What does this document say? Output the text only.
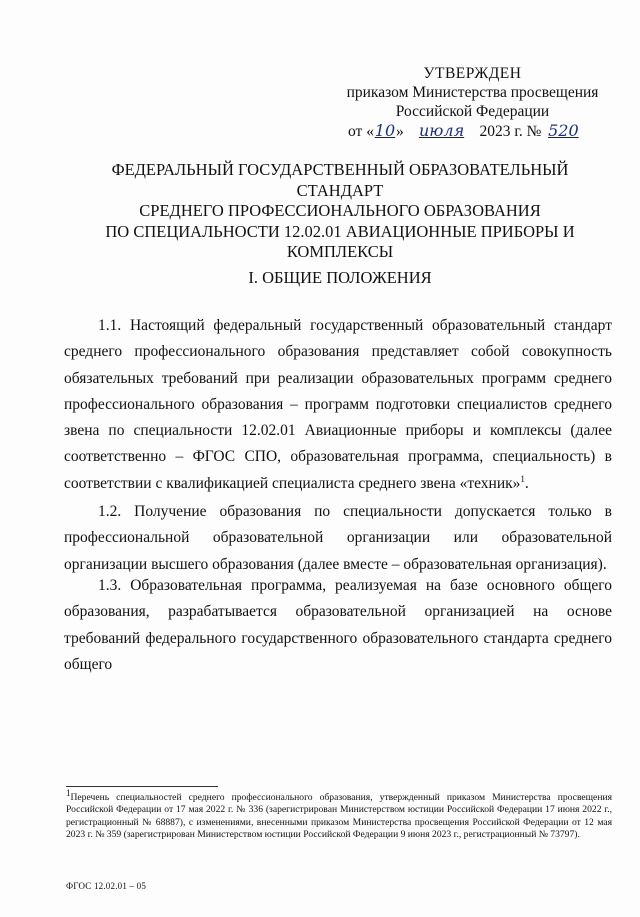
УТВЕРЖДЕН
приказом Министерства просвещения
Российской Федерации
от «10» июля 2023 г. № 520
ФЕДЕРАЛЬНЫЙ ГОСУДАРСТВЕННЫЙ ОБРАЗОВАТЕЛЬНЫЙ СТАНДАРТ
СРЕДНЕГО ПРОФЕССИОНАЛЬНОГО ОБРАЗОВАНИЯ
ПО СПЕЦИАЛЬНОСТИ 12.02.01 АВИАЦИОННЫЕ ПРИБОРЫ И
КОМПЛЕКСЫ
I. ОБЩИЕ ПОЛОЖЕНИЯ
1.1. Настоящий федеральный государственный образовательный стандарт среднего профессионального образования представляет собой совокупность обязательных требований при реализации образовательных программ среднего профессионального образования – программ подготовки специалистов среднего звена по специальности 12.02.01 Авиационные приборы и комплексы (далее соответственно – ФГОС СПО, образовательная программа, специальность) в соответствии с квалификацией специалиста среднего звена «техник»$^1$.
1.2. Получение образования по специальности допускается только в профессиональной образовательной организации или образовательной организации высшего образования (далее вместе – образовательная организация).
1.3. Образовательная программа, реализуемая на базе основного общего образования, разрабатывается образовательной организацией на основе требований федерального государственного образовательного стандарта среднего общего
$^1$Перечень специальностей среднего профессионального образования, утвержденный приказом Министерства просвещения Российской Федерации от 17 мая 2022 г. № 336 (зарегистрирован Министерством юстиции Российской Федерации 17 июня 2022 г., регистрационный № 68887), с изменениями, внесенными приказом Министерства просвещения Российской Федерации от 12 мая 2023 г. № 359 (зарегистрирован Министерством юстиции Российской Федерации 9 июня 2023 г., регистрационный № 73797).
ФГОС 12.02.01 – 05
